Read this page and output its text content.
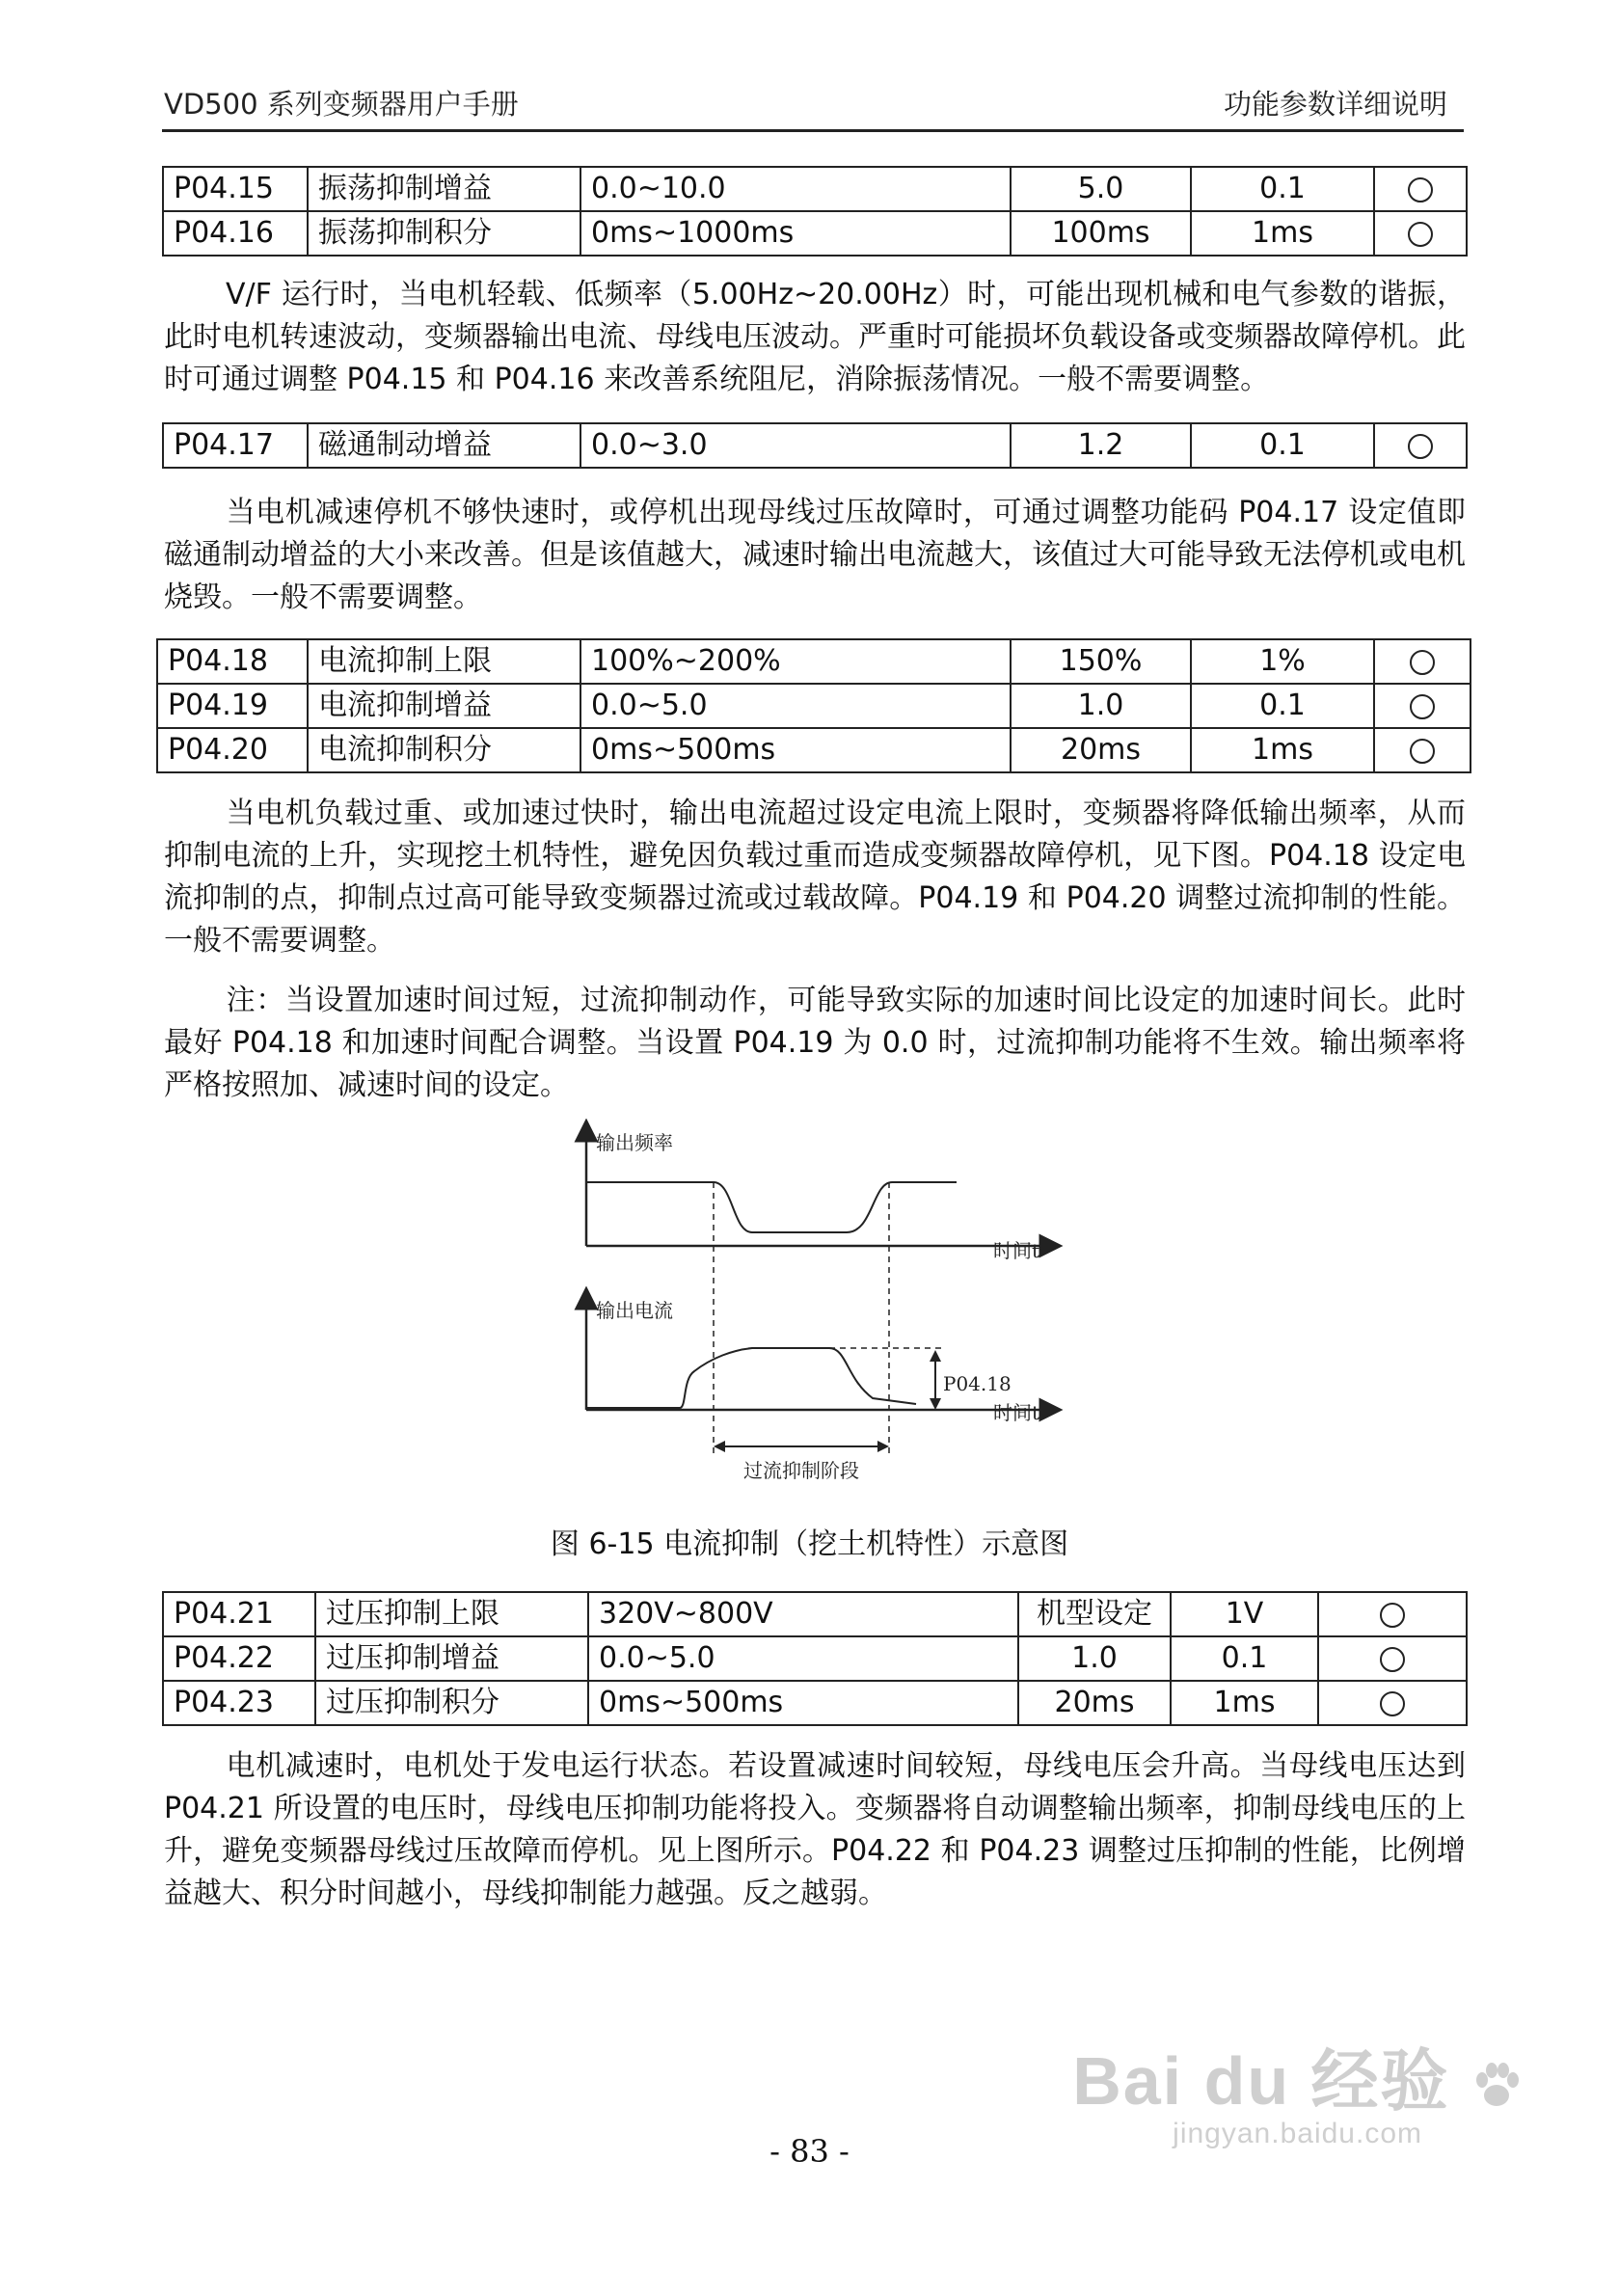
VD500 系列变频器用户手册	功能参数详细说明
P04.15	振荡抑制增益	0.0~10.0	5.0	0.1	
P04.16	振荡抑制积分	0ms~1000ms	100ms	1ms	

V/F 运行时，当电机轻载、低频率（5.00Hz~20.00Hz）时，可能出现机械和电气参数的谐振，此时电机转速波动，变频器输出电流、母线电压波动。严重时可能损坏负载设备或变频器故障停机。此时可通过调整 P04.15 和 P04.16 来改善系统阻尼，消除振荡情况。一般不需要调整。

P04.17	磁通制动增益	0.0~3.0	1.2	0.1	

当电机减速停机不够快速时，或停机出现母线过压故障时，可通过调整功能码 P04.17 设定值即磁通制动增益的大小来改善。但是该值越大，减速时输出电流越大，该值过大可能导致无法停机或电机烧毁。一般不需要调整。

P04.18	电流抑制上限	100%~200%	150%	1%	
P04.19	电流抑制增益	0.0~5.0	1.0	0.1	
P04.20	电流抑制积分	0ms~500ms	20ms	1ms	

当电机负载过重、或加速过快时，输出电流超过设定电流上限时，变频器将降低输出频率，从而抑制电流的上升，实现挖土机特性，避免因负载过重而造成变频器故障停机，见下图。P04.18 设定电流抑制的点，抑制点过高可能导致变频器过流或过载故障。P04.19 和 P04.20 调整过流抑制的性能。一般不需要调整。

注：当设置加速时间过短，过流抑制动作，可能导致实际的加速时间比设定的加速时间长。此时最好 P04.18 和加速时间配合调整。当设置 P04.19 为 0.0 时，过流抑制功能将不生效。输出频率将严格按照加、减速时间的设定。

输出频率
时间t
输出电流
时间t
P04.18
过流抑制阶段
图 6-15 电流抑制（挖土机特性）示意图
P04.21	过压抑制上限	320V~800V	机型设定	1V	
P04.22	过压抑制增益	0.0~5.0	1.0	0.1	
P04.23	过压抑制积分	0ms~500ms	20ms	1ms	

电机减速时，电机处于发电运行状态。若设置减速时间较短，母线电压会升高。当母线电压达到 P04.21 所设置的电压时，母线电压抑制功能将投入。变频器将自动调整输出频率，抑制母线电压的上升，避免变频器母线过压故障而停机。见上图所示。P04.22 和 P04.23 调整过压抑制的性能，比例增益越大、积分时间越小，母线抑制能力越强。反之越弱。

Bai du 经验
jingyan.baidu.com
- 83 -
